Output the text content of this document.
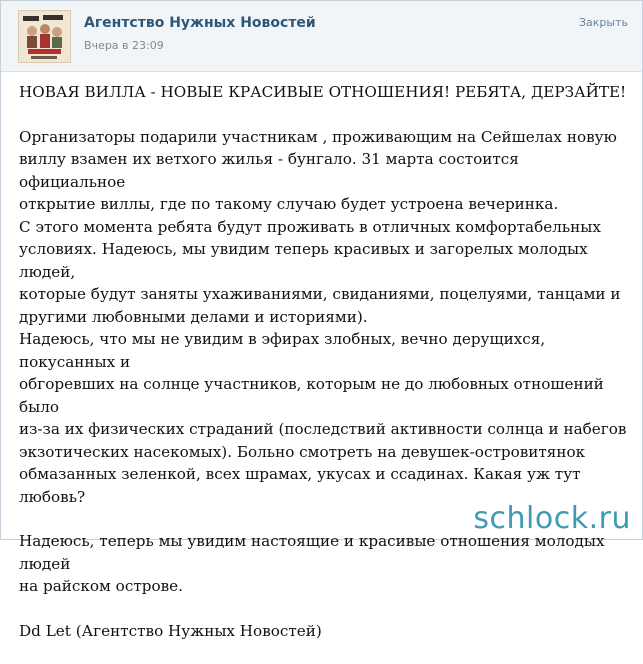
Агентство Нужных Новостей
Вчера в 23:09
Закрыть

НОВАЯ ВИЛЛА - НОВЫЕ КРАСИВЫЕ ОТНОШЕНИЯ! РЕБЯТА, ДЕРЗАЙТЕ!

Организаторы подарили участникам , проживающим на Сейшелах новую
виллу взамен их ветхого жилья - бунгало. 31 марта состоится официальное
открытие виллы, где по такому случаю будет устроена вечеринка.
С этого момента ребята будут проживать в отличных комфортабельных
условиях. Надеюсь, мы увидим теперь красивых и загорелых молодых людей,
которые будут заняты ухаживаниями, свиданиями, поцелуями, танцами и
другими любовными делами и историями).
Надеюсь, что мы не увидим в эфирах злобных, вечно дерущихся, покусанных и
обгоревших на солнце участников, которым не до любовных отношений было
из-за их физических страданий (последствий активности солнца и набегов
экзотических насекомых). Больно смотреть на девушек-островитянок
обмазанных зеленкой, всех шрамах, укусах и ссадинах. Какая уж тут любовь?

Надеюсь, теперь мы увидим настоящие и красивые отношения молодых людей
на райском острове.

Dd Let (Агентство Нужных Новостей)

schlock.ru
